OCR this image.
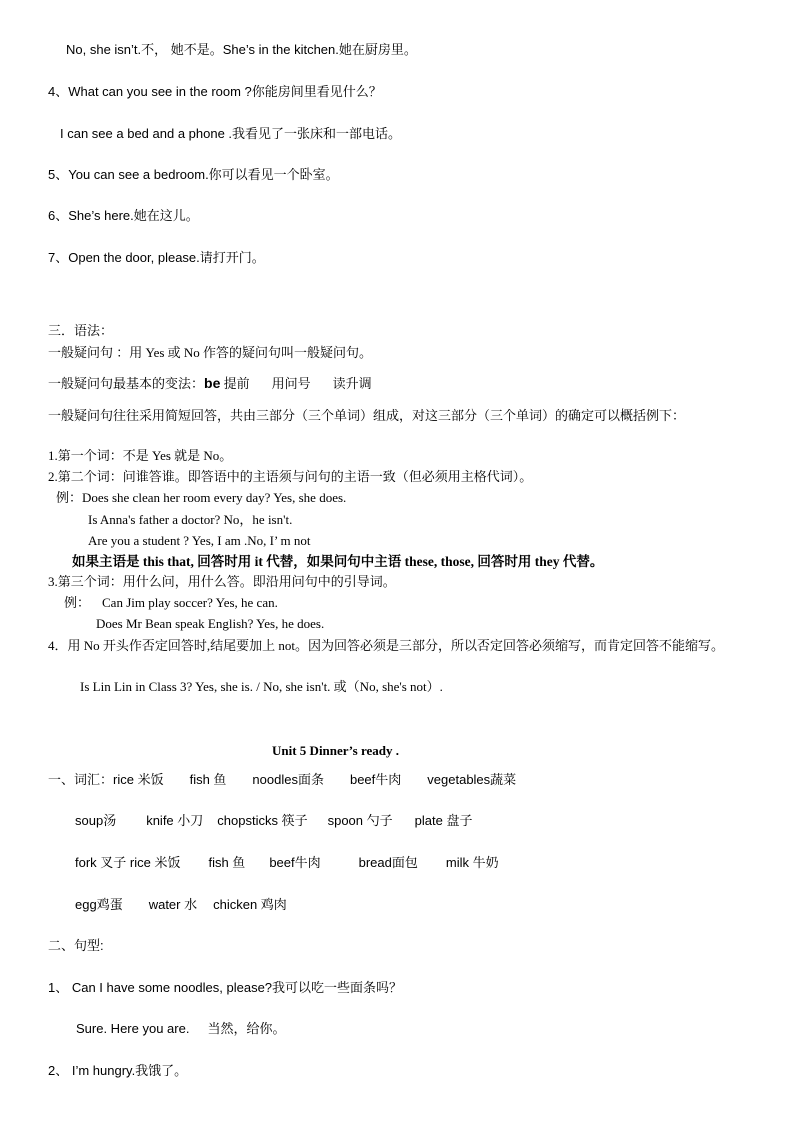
No, she isn’t.不， 她不是。She’s in the kitchen.她在厨房里。
4、What can you see in the room ?你能房间里看见什么？
I can see a bed and a phone .我看见了一张床和一部电话。
5、You can see a bedroom.你可以看见一个卧室。
6、She’s here.她在这儿。
7、Open the door, please.请打开门。
三．语法：
一般疑问句 ：用 Yes 或 No 作答的疑问句叫一般疑问句。
一般疑问句最基本的变法：be 提前 用问号 读升调
一般疑问句往往采用简短回答，共由三部分（三个单词）组成，对这三部分（三个单词）的确定可以概括例下：
1.第一个词：不是 Yes 就是 No。
2.第二个词：问谁答谁。即答语中的主语须与问句的主语一致（但必须用主格代词）。
例：Does she clean her room every day? Yes, she does.
Is Anna's father a doctor? No，he isn't.
Are you a student ? Yes, I am .No, I’ m not
如果主语是 this that, 回答时用 it 代替，如果问句中主语 these, those, 回答时用 they 代替。
3.第三个词：用什么问，用什么答。即沿用问句中的引导词。
例： Can Jim play soccer? Yes, he can.
Does Mr Bean speak English? Yes, he does.
4．用 No 开头作否定回答时,结尾要加上 not。因为回答必须是三部分，所以否定回答必须缩写，而肯定回答不能缩写。
Is Lin Lin in Class 3? Yes, she is. / No, she isn't. 或（No, she's not）.
Unit 5 Dinner’s ready .
一、词汇：rice 米饭 fish 鱼 noodles面条 beef牛肉 vegetables蔬菜
soup汤 knife 小刀 chopsticks 筷子 spoon 勺子 plate 盘子
fork 叉子 rice 米饭 fish 鱼 beef牛肉	bread面包 milk 牛奶
egg鸡蛋 water 水 chicken 鸡肉
二、句型:
1、 Can I have some noodles, please?我可以吃一些面条吗？
Sure. Here you are. 当然，给你。
2、 I’m hungry.我饿了。
